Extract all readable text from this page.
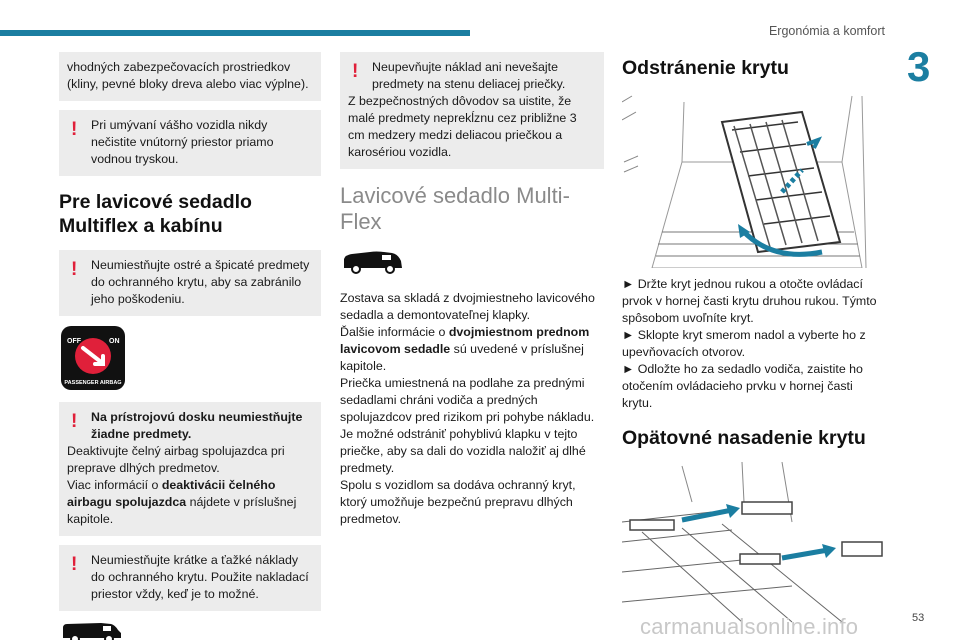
Ergonómia a komfort
3
vhodných zabezpečovacích prostriedkov (kliny, pevné bloky dreva alebo viac výplne).
!	Pri umývaní vášho vozidla nikdy nečistite vnútorný priestor priamo vodnou tryskou.
Pre lavicové sedadlo Multiflex a kabínu
!	Neumiestňujte ostré a špicaté predmety do ochranného krytu, aby sa zabránilo jeho poškodeniu.
OFF	ON
PASSENGER AIRBAG
!	Na prístrojovú dosku neumiestňujte žiadne predmety.
Deaktivujte čelný airbag spolujazdca pri preprave dlhých predmetov.
Viac informácií o deaktivácii čelného airbagu spolujazdca nájdete v príslušnej kapitole.
!	Neumiestňujte krátke a ťažké náklady do ochranného krytu. Použite nakladací priestor vždy, keď je to možné.
!	Neupevňujte náklad ani nevešajte predmety na stenu deliacej priečky.
Z bezpečnostných dôvodov sa uistite, že malé predmety neprekĺznu cez približne 3 cm medzery medzi deliacou priečkou a karosériou vozidla.
Lavicové sedadlo Multi-Flex
Zostava sa skladá z dvojmiestneho lavicového sedadla a demontovateľnej klapky.
Ďalšie informácie o dvojmiestnom prednom lavicovom sedadle sú uvedené v príslušnej kapitole.
Priečka umiestnená na podlahe za prednými sedadlami chráni vodiča a predných spolujazdcov pred rizikom pri pohybe nákladu.
Je možné odstrániť pohyblivú klapku v tejto priečke, aby sa dali do vozidla naložiť aj dlhé predmety.
Spolu s vozidlom sa dodáva ochranný kryt, ktorý umožňuje bezpečnú prepravu dlhých predmetov.
Odstránenie krytu
► Držte kryt jednou rukou a otočte ovládací prvok v hornej časti krytu druhou rukou. Týmto spôsobom uvoľníte kryt.
► Sklopte kryt smerom nadol a vyberte ho z upevňovacích otvorov.
► Odložte ho za sedadlo vodiča, zaistite ho otočením ovládacieho prvku v hornej časti krytu.
Opätovné nasadenie krytu
carmanualsonline.info	53
